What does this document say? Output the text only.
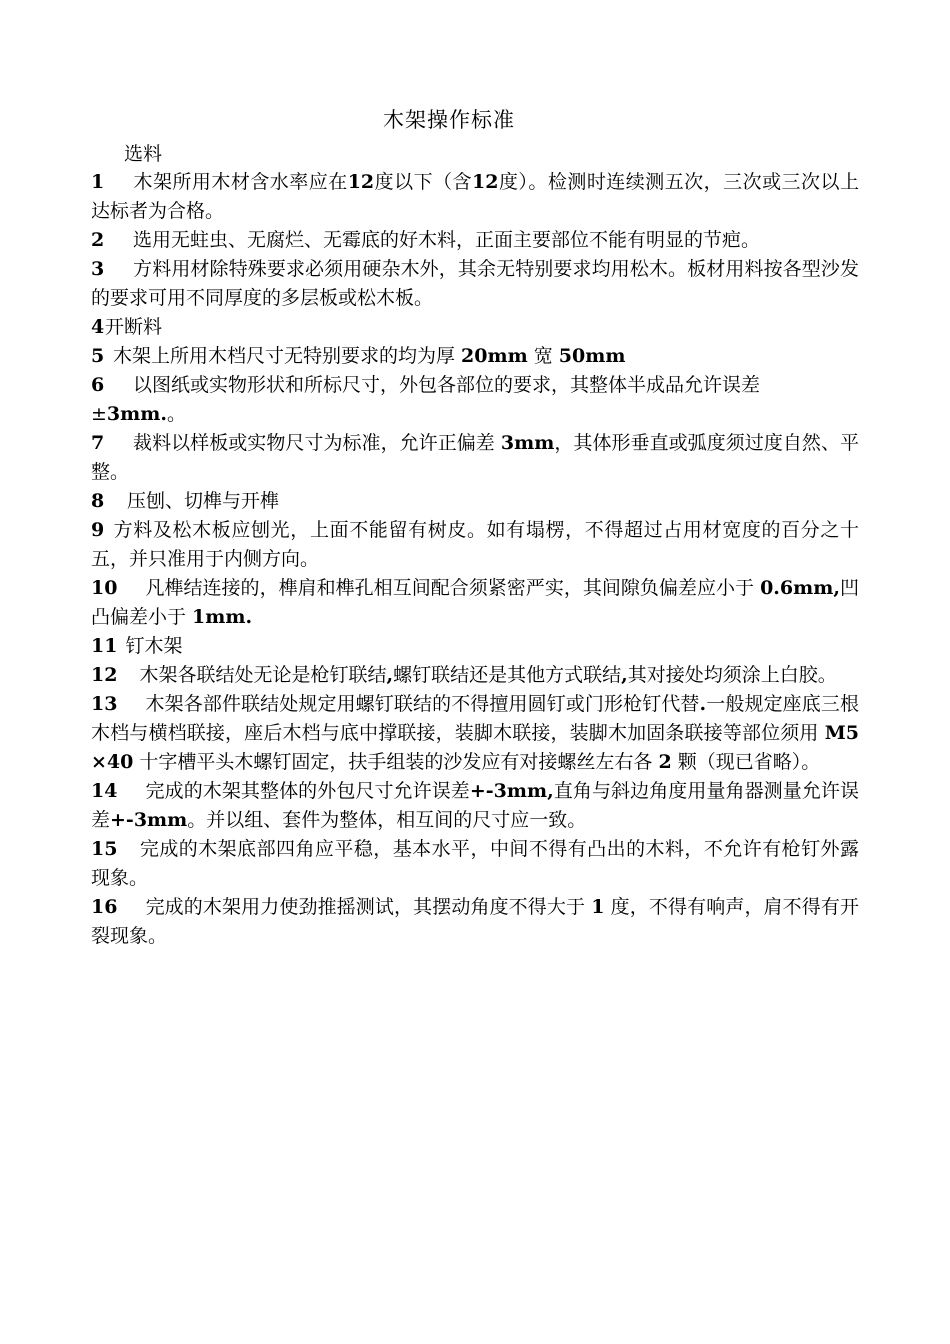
木架操作标准
选料

1 木架所用木材含水率应在12度以下（含12度）。检测时连续测五次，三次或三次以上达标者为合格。

2 选用无蛀虫、无腐烂、无霉底的好木料，正面主要部位不能有明显的节疤。

3 方料用材除特殊要求必须用硬杂木外，其余无特别要求均用松木。板材用料按各型沙发的要求可用不同厚度的多层板或松木板。

4开断料

5 木架上所用木档尺寸无特别要求的均为厚 20mm 宽 50mm

6 以图纸或实物形状和所标尺寸，外包各部位的要求，其整体半成品允许误差

±3mm.。

7 裁料以样板或实物尺寸为标准，允许正偏差 3mm，其体形垂直或弧度须过度自然、平整。

8 压刨、切榫与开榫

9 方料及松木板应刨光，上面不能留有树皮。如有塌楞，不得超过占用材宽度的百分之十五，并只准用于内侧方向。

10 凡榫结连接的，榫肩和榫孔相互间配合须紧密严实，其间隙负偏差应小于 0.6mm,凹凸偏差小于 1mm.

11 钉木架

12 木架各联结处无论是枪钉联结,螺钉联结还是其他方式联结,其对接处均须涂上白胶。

13 木架各部件联结处规定用螺钉联结的不得擅用圆钉或门形枪钉代替.一般规定座底三根木档与横档联接，座后木档与底中撑联接，装脚木联接，装脚木加固条联接等部位须用 M5×40 十字槽平头木螺钉固定，扶手组装的沙发应有对接螺丝左右各 2 颗（现已省略）。

14 完成的木架其整体的外包尺寸允许误差+-3mm,直角与斜边角度用量角器测量允许误差+-3mm。并以组、套件为整体，相互间的尺寸应一致。

15 完成的木架底部四角应平稳，基本水平，中间不得有凸出的木料，不允许有枪钉外露现象。

16 完成的木架用力使劲推摇测试，其摆动角度不得大于 1 度，不得有响声，肩不得有开裂现象。
